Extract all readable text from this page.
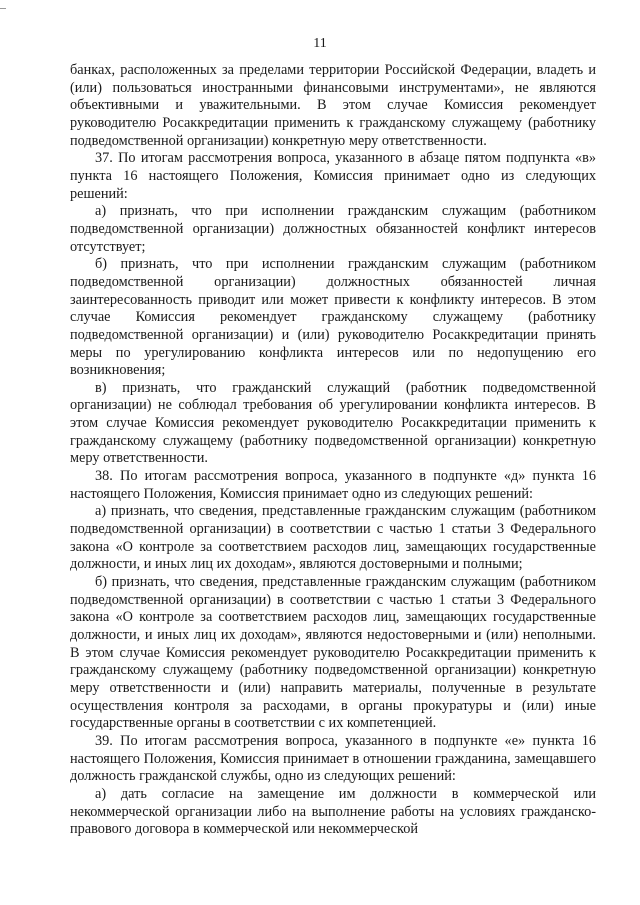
11

банках, расположенных за пределами территории Российской Федерации, владеть и (или) пользоваться иностранными финансовыми инструментами», не являются объективными и уважительными. В этом случае Комиссия рекомендует руководителю Росаккредитации применить к гражданскому служащему (работнику подведомственной организации) конкретную меру ответственности.

37. По итогам рассмотрения вопроса, указанного в абзаце пятом подпункта «в» пункта 16 настоящего Положения, Комиссия принимает одно из следующих решений:

а) признать, что при исполнении гражданским служащим (работником подведомственной организации) должностных обязанностей конфликт интересов отсутствует;

б) признать, что при исполнении гражданским служащим (работником подведомственной организации) должностных обязанностей личная заинтересованность приводит или может привести к конфликту интересов. В этом случае Комиссия рекомендует гражданскому служащему (работнику подведомственной организации) и (или) руководителю Росаккредитации принять меры по урегулированию конфликта интересов или по недопущению его возникновения;

в) признать, что гражданский служащий (работник подведомственной организации) не соблюдал требования об урегулировании конфликта интересов. В этом случае Комиссия рекомендует руководителю Росаккредитации применить к гражданскому служащему (работнику подведомственной организации) конкретную меру ответственности.

38. По итогам рассмотрения вопроса, указанного в подпункте «д» пункта 16 настоящего Положения, Комиссия принимает одно из следующих решений:

а) признать, что сведения, представленные гражданским служащим (работником подведомственной организации) в соответствии с частью 1 статьи 3 Федерального закона «О контроле за соответствием расходов лиц, замещающих государственные должности, и иных лиц их доходам», являются достоверными и полными;

б) признать, что сведения, представленные гражданским служащим (работником подведомственной организации) в соответствии с частью 1 статьи 3 Федерального закона «О контроле за соответствием расходов лиц, замещающих государственные должности, и иных лиц их доходам», являются недостоверными и (или) неполными. В этом случае Комиссия рекомендует руководителю Росаккредитации применить к гражданскому служащему (работнику подведомственной организации) конкретную меру ответственности и (или) направить материалы, полученные в результате осуществления контроля за расходами, в органы прокуратуры и (или) иные государственные органы в соответствии с их компетенцией.

39. По итогам рассмотрения вопроса, указанного в подпункте «е» пункта 16 настоящего Положения, Комиссия принимает в отношении гражданина, замещавшего должность гражданской службы, одно из следующих решений:

а) дать согласие на замещение им должности в коммерческой или некоммерческой организации либо на выполнение работы на условиях гражданско-правового договора в коммерческой или некоммерческой
